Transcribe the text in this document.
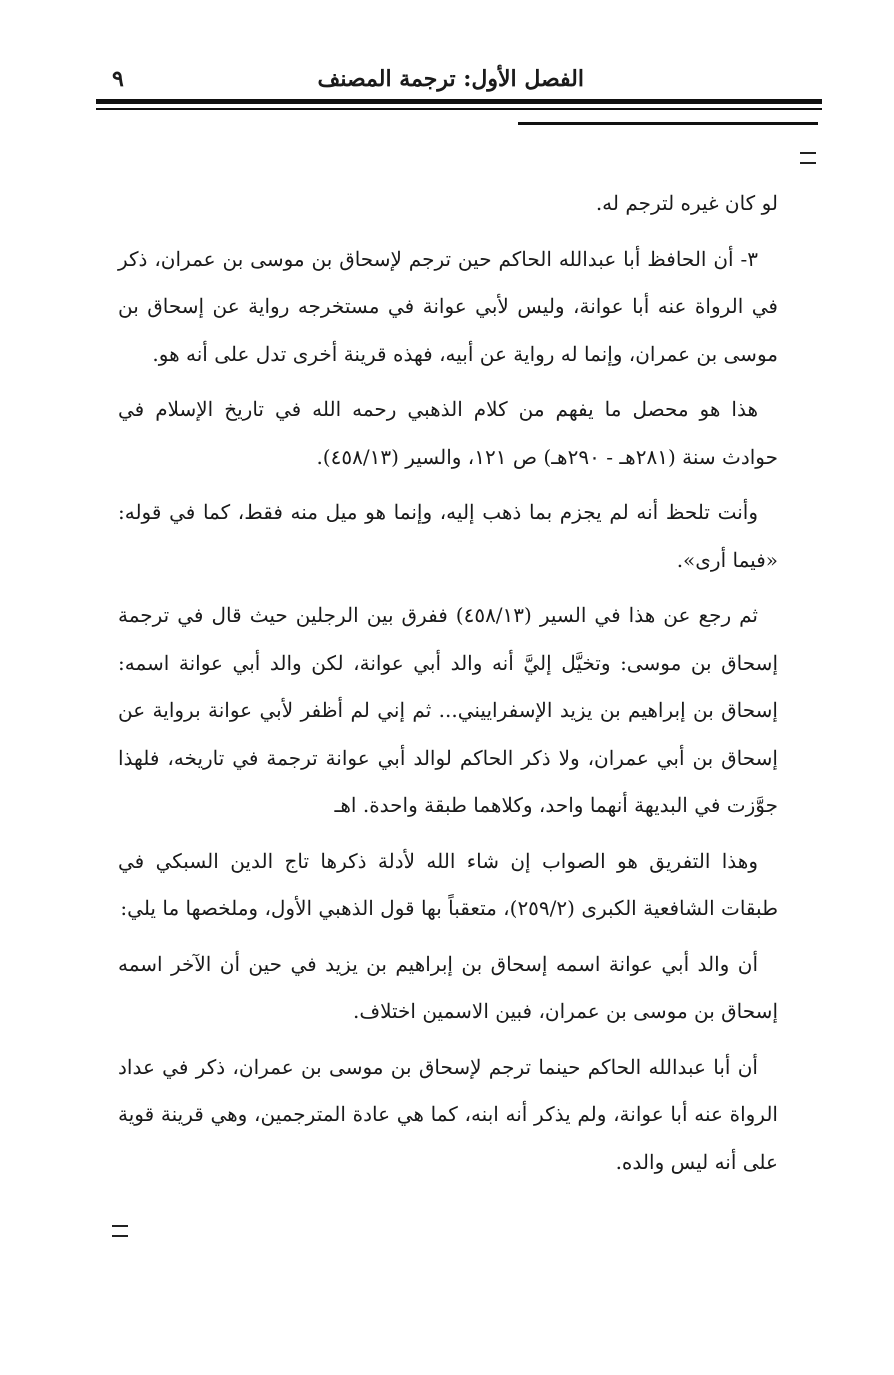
الفصل الأول: ترجمة المصنف
٩

لو كان غيره لترجم له.

٣- أن الحافظ أبا عبدالله الحاكم حين ترجم لإسحاق بن موسى بن عمران، ذكر في الرواة عنه أبا عوانة، وليس لأبي عوانة في مستخرجه رواية عن إسحاق بن موسى بن عمران، وإنما له رواية عن أبيه، فهذه قرينة أخرى تدل على أنه هو.

هذا هو محصل ما يفهم من كلام الذهبي رحمه الله في تاريخ الإسلام في حوادث سنة (٢٨١هـ - ٢٩٠هـ) ص ١٢١، والسير (٤٥٨/١٣).

وأنت تلحظ أنه لم يجزم بما ذهب إليه، وإنما هو ميل منه فقط، كما في قوله: «فيما أرى».

ثم رجع عن هذا في السير (٤٥٨/١٣) ففرق بين الرجلين حيث قال في ترجمة إسحاق بن موسى: وتخيَّل إليَّ أنه والد أبي عوانة، لكن والد أبي عوانة اسمه: إسحاق بن إبراهيم بن يزيد الإسفراييني... ثم إني لم أظفر لأبي عوانة برواية عن إسحاق بن أبي عمران، ولا ذكر الحاكم لوالد أبي عوانة ترجمة في تاريخه، فلهذا جوَّزت في البديهة أنهما واحد، وكلاهما طبقة واحدة. اهـ

وهذا التفريق هو الصواب إن شاء الله لأدلة ذكرها تاج الدين السبكي في طبقات الشافعية الكبرى (٢٥٩/٢)، متعقباً بها قول الذهبي الأول، وملخصها ما يلي:

أن والد أبي عوانة اسمه إسحاق بن إبراهيم بن يزيد في حين أن الآخر اسمه إسحاق بن موسى بن عمران، فبين الاسمين اختلاف.

أن أبا عبدالله الحاكم حينما ترجم لإسحاق بن موسى بن عمران، ذكر في عداد الرواة عنه أبا عوانة، ولم يذكر أنه ابنه، كما هي عادة المترجمين، وهي قرينة قوية على أنه ليس والده.
